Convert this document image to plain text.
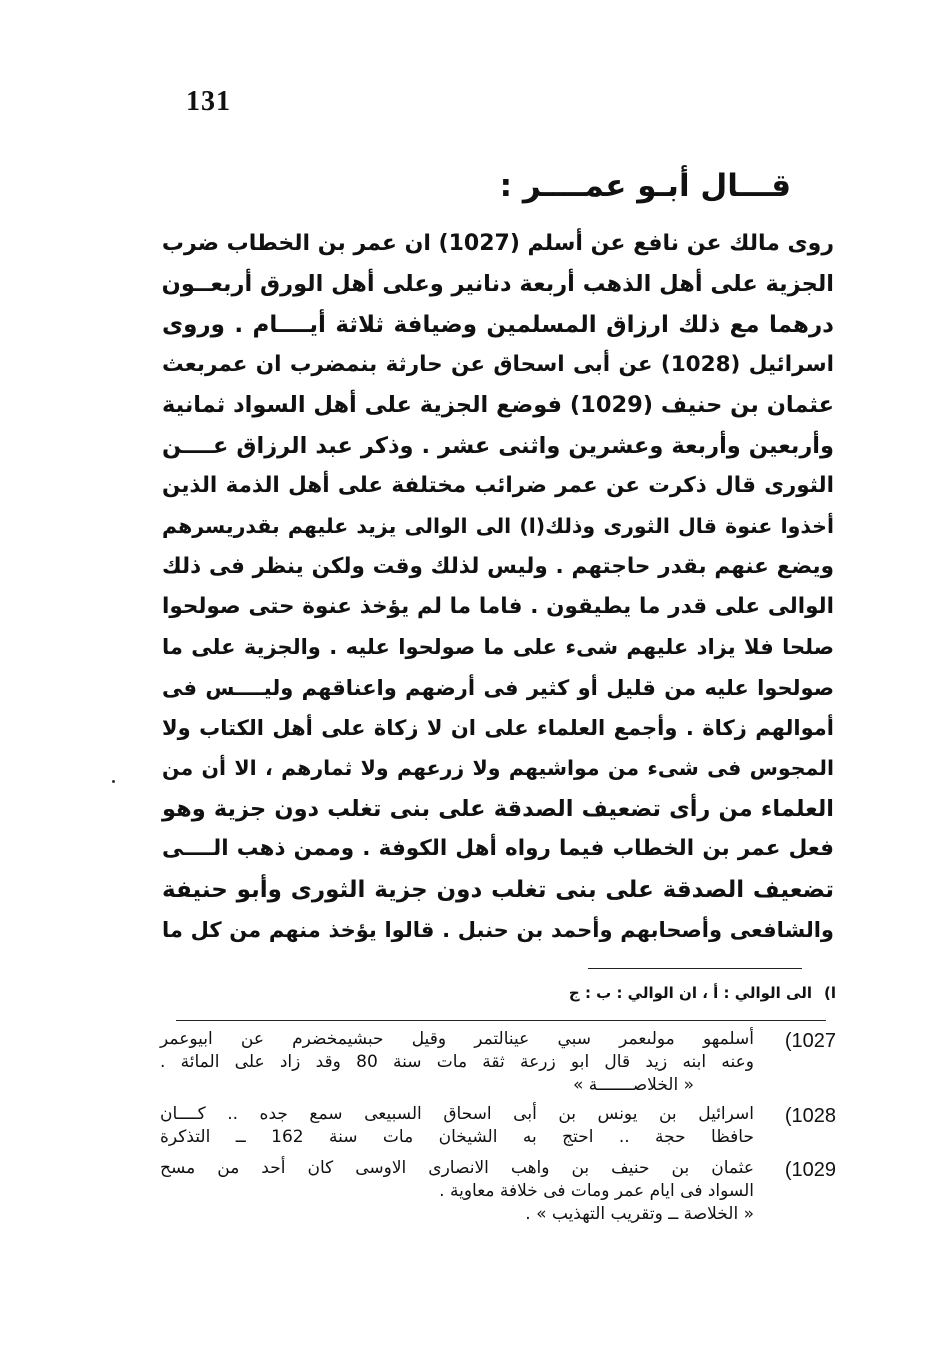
131
قـــال أبـو عمــــر :
روى مالك عن نافع عن أسلم (1027) ان عمر بن الخطاب ضرب
الجزية على أهل الذهب أربعة دنانير وعلى أهل الورق أربعــون
درهما مع ذلك ارزاق المسلمين وضيافة ثلاثة أيــــام . وروى
اسرائيل (1028) عن أبى اسحاق عن حارثة بنمضرب ان عمربعث
عثمان بن حنيف (1029) فوضع الجزية على أهل السواد ثمانية
وأربعين وأربعة وعشرين واثنى عشر . وذكر عبد الرزاق عــــن
الثورى قال ذكرت عن عمر ضرائب مختلفة على أهل الذمة الذين
أخذوا عنوة قال الثورى وذلك(ا) الى الوالى يزيد عليهم بقدريسرهم
ويضع عنهم بقدر حاجتهم . وليس لذلك وقت ولكن ينظر فى ذلك
الوالى على قدر ما يطيقون . فاما ما لم يؤخذ عنوة حتى صولحوا
صلحا فلا يزاد عليهم شىء على ما صولحوا عليه . والجزية على ما
صولحوا عليه من قليل أو كثير فى أرضهم واعناقهم وليــــس فى
أموالهم زكاة . وأجمع العلماء على ان لا زكاة على أهل الكتاب ولا
المجوس فى شىء من مواشيهم ولا زرعهم ولا ثمارهم ، الا أن من
العلماء من رأى تضعيف الصدقة على بنى تغلب دون جزية وهو
فعل عمر بن الخطاب فيما رواه أهل الكوفة . وممن ذهب الــــى
تضعيف الصدقة على بنى تغلب دون جزية الثورى وأبو حنيفة
والشافعى وأصحابهم وأحمد بن حنبل . قالوا يؤخذ منهم من كل ما
ا)الى الوالي : أ ، ان الوالي : ب : ج
(1027
أسلمهو مولىعمر سبي عينالتمر وقيل حبشيمخضرم عن ابيوعمر
وعنه ابنه زيد قال ابو زرعة ثقة مات سنة 80 وقد زاد على المائة .
« الخلاصـــــــة »
(1028
اسرائيل بن يونس بن أبى اسحاق السبيعى سمع جده .. كــــان
حافظا حجة .. احتج به الشيخان مات سنة 162 ــ التذكرة
(1029
عثمان بن حنيف بن واهب الانصارى الاوسى كان أحد من مسح
السواد فى ايام عمر ومات فى خلافة معاوية .
« الخلاصة ــ وتقريب التهذيب » .
